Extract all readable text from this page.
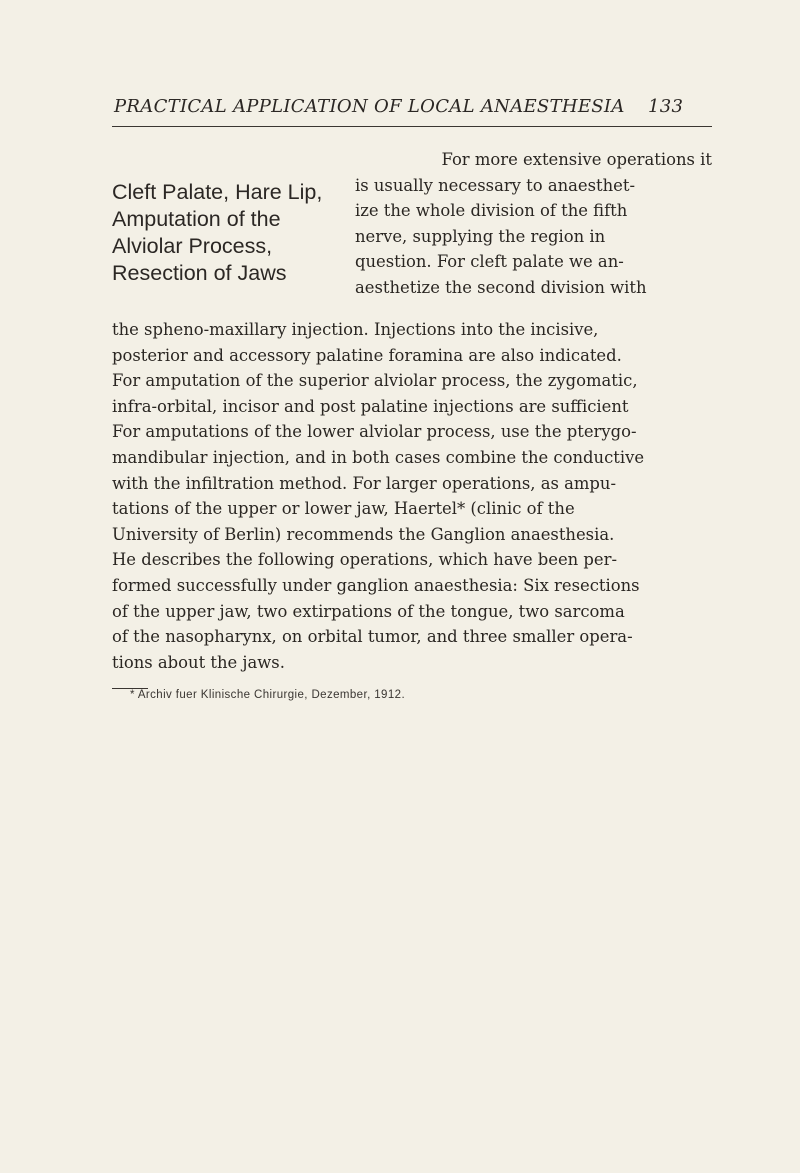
PRACTICAL APPLICATION OF LOCAL ANAESTHESIA 133
Cleft Palate, Hare Lip,
Amputation of the
Alviolar Process,
Resection of Jaws
For more extensive operations it
is usually necessary to anaesthet-
ize the whole division of the fifth
nerve, supplying the region in
question. For cleft palate we an-
aesthetize the second division with
the spheno-maxillary injection. Injections into the incisive,
posterior and accessory palatine foramina are also indicated.
For amputation of the superior alviolar process, the zygomatic,
infra-orbital, incisor and post palatine injections are sufficient
For amputations of the lower alviolar process, use the pterygo-
mandibular injection, and in both cases combine the conductive
with the infiltration method. For larger operations, as ampu-
tations of the upper or lower jaw, Haertel* (clinic of the
University of Berlin) recommends the Ganglion anaesthesia.
He describes the following operations, which have been per-
formed successfully under ganglion anaesthesia: Six resections
of the upper jaw, two extirpations of the tongue, two sarcoma
of the nasopharynx, on orbital tumor, and three smaller opera-
tions about the jaws.
* Archiv fuer Klinische Chirurgie, Dezember, 1912.
